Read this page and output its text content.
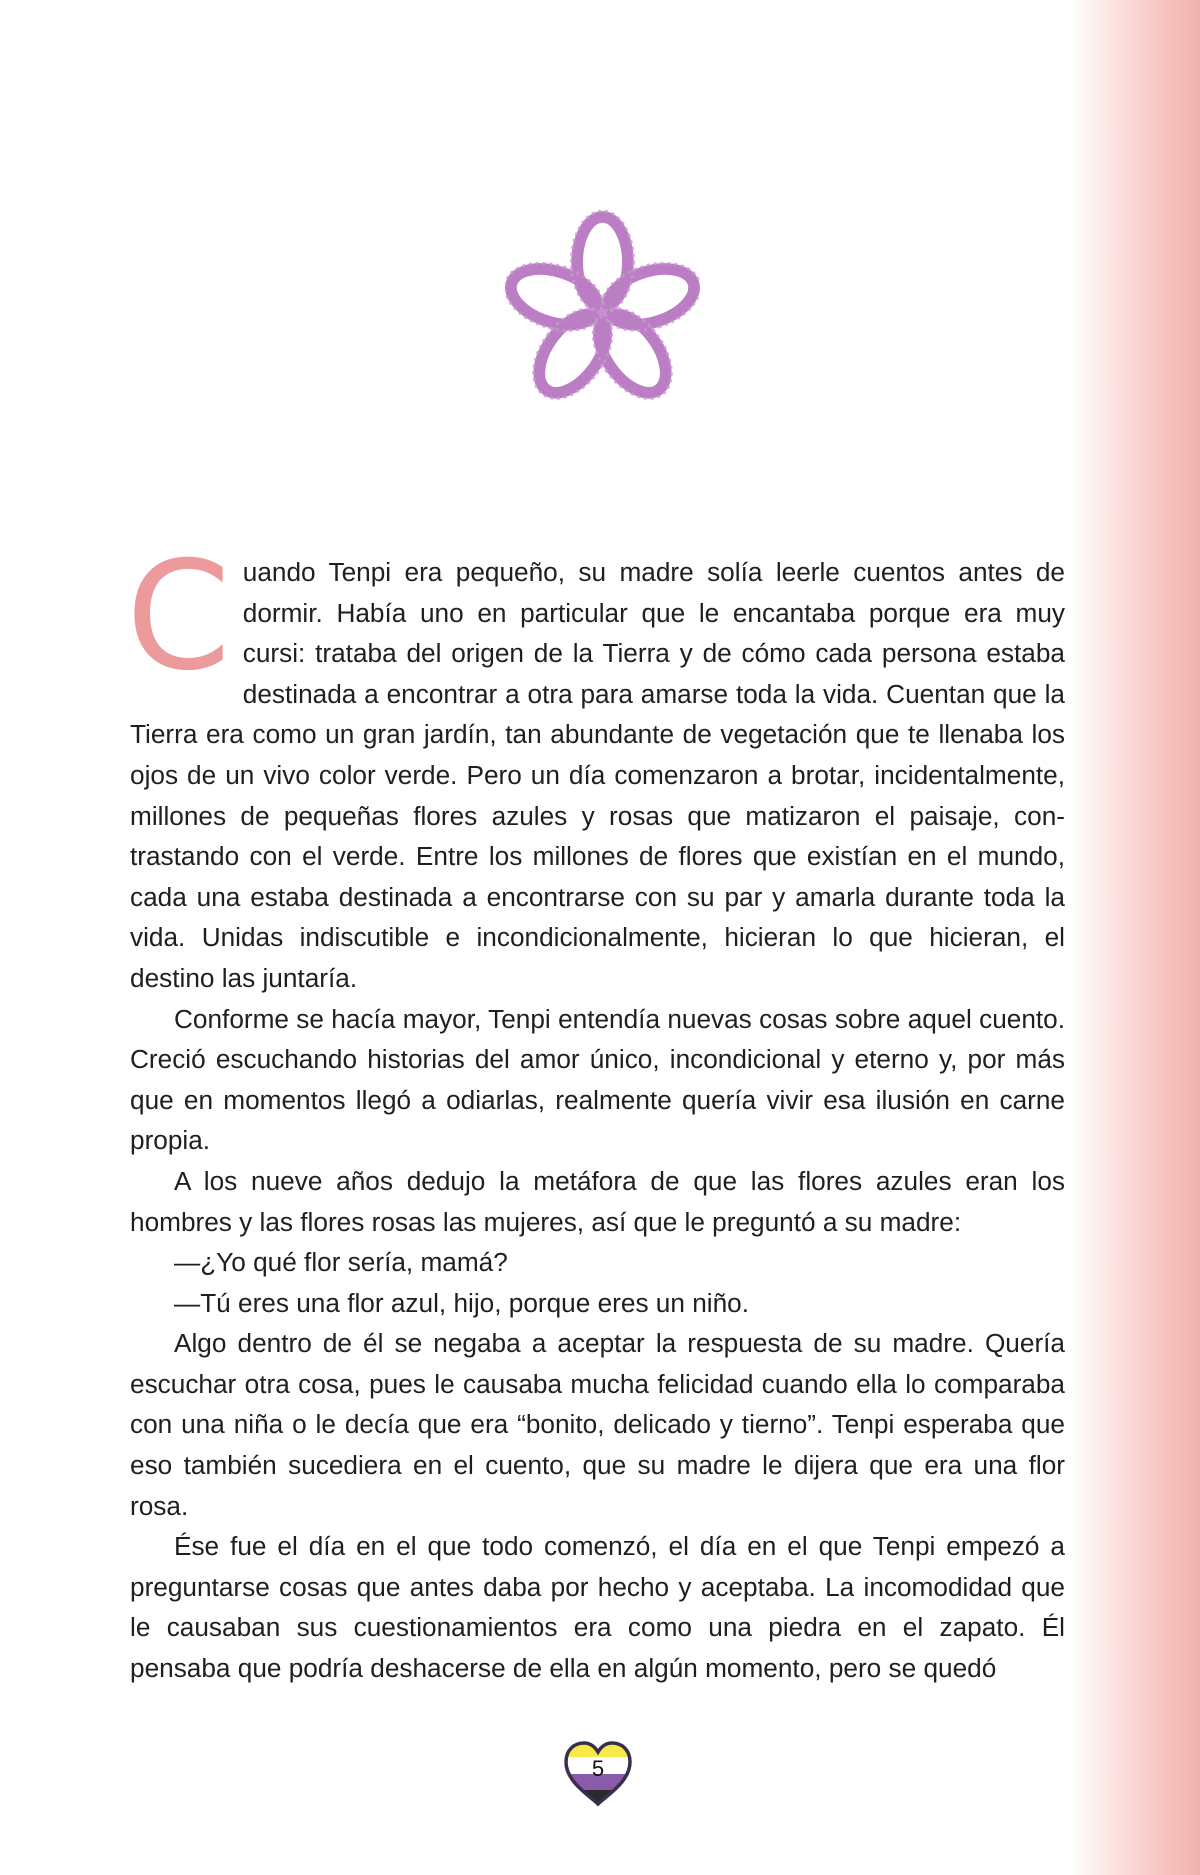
Cuando Tenpi era pequeño, su madre solía leerle cuentos antes de dormir. Había uno en particular que le encantaba porque era muy cursi: trataba del origen de la Tierra y de cómo cada persona estaba destinada a encontrar a otra para amarse toda la vida. Cuentan que la Tierra era como un gran jardín, tan abundante de vegetación que te llenaba los ojos de un vivo color verde. Pero un día comenzaron a brotar, incidentalmente, millones de pequeñas flores azules y rosas que matizaron el paisaje, contrastando con el verde. Entre los millones de flores que existían en el mundo, cada una estaba destinada a encontrarse con su par y amarla durante toda la vida. Unidas indiscutible e incondicionalmente, hicieran lo que hicieran, el destino las juntaría.

Conforme se hacía mayor, Tenpi entendía nuevas cosas sobre aquel cuento. Creció escuchando historias del amor único, incondicional y eterno y, por más que en momentos llegó a odiarlas, realmente quería vivir esa ilusión en carne propia.

A los nueve años dedujo la metáfora de que las flores azules eran los hombres y las flores rosas las mujeres, así que le preguntó a su madre:

—¿Yo qué flor sería, mamá?

—Tú eres una flor azul, hijo, porque eres un niño.

Algo dentro de él se negaba a aceptar la respuesta de su madre. Quería escuchar otra cosa, pues le causaba mucha felicidad cuando ella lo comparaba con una niña o le decía que era “bonito, delicado y tierno”. Tenpi esperaba que eso también sucediera en el cuento, que su madre le dijera que era una flor rosa.

Ése fue el día en el que todo comenzó, el día en el que Tenpi empezó a preguntarse cosas que antes daba por hecho y aceptaba. La incomodidad que le causaban sus cuestionamientos era como una piedra en el zapato. Él pensaba que podría deshacerse de ella en algún momento, pero se quedó

5
